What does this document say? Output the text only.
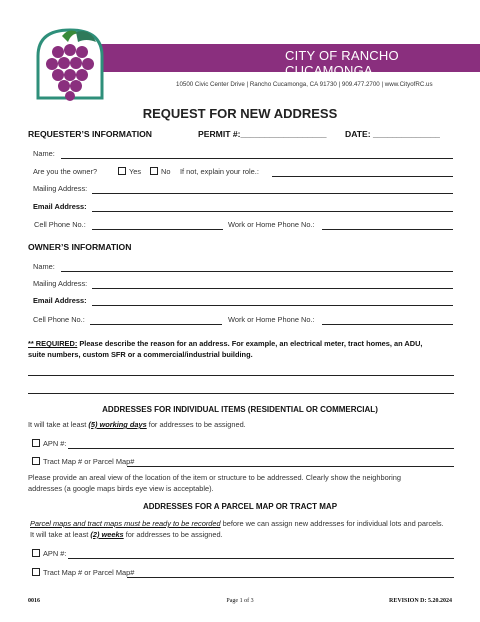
CITY OF RANCHO CUCAMONGA
10500 Civic Center Drive | Rancho Cucamonga, CA 91730 | 909.477.2700 | www.CityofRC.us
REQUEST FOR NEW ADDRESS
REQUESTER’S INFORMATION	PERMIT #:__________________ DATE: ______________
Name:
Are you the owner?	Yes	No If not, explain your role.:
Mailing Address:
Email Address:
Cell Phone No.:	Work or Home Phone No.:
OWNER’S INFORMATION
Name:
Mailing Address:
Email Address:
Cell Phone No.:	Work or Home Phone No.:
** REQUIRED: Please describe the reason for an address. For example, an electrical meter, tract homes, an ADU,
suite numbers, custom SFR or a commercial/industrial building.
ADDRESSES FOR INDIVIDUAL ITEMS (RESIDENTIAL OR COMMERCIAL)
It will take at least (5) working days for addresses to be assigned.
APN #:
Tract Map # or Parcel Map#
Please provide an areal view of the location of the item or structure to be addressed. Clearly show the neighboring
addresses (a google maps birds eye view is acceptable).
ADDRESSES FOR A PARCEL MAP OR TRACT MAP
Parcel maps and tract maps must be ready to be recorded before we can assign new addresses for individual lots and parcels.
It will take at least (2) weeks for addresses to be assigned.
APN #:
Tract Map # or Parcel Map#
0016	Page 1 of 3	REVISION D: 5.20.2024
